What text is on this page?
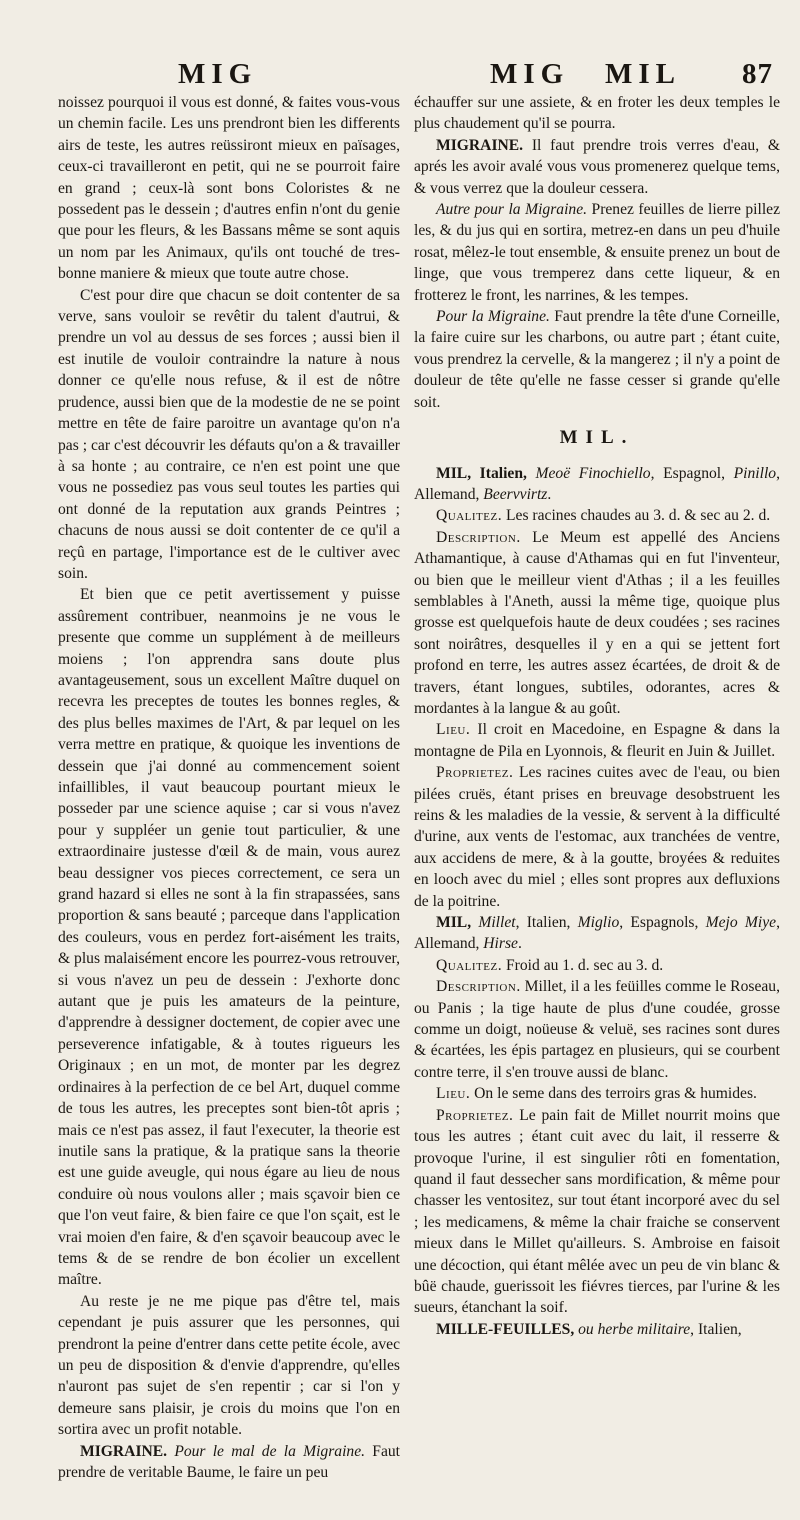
MIG	MIG MIL 87

noissez pourquoi il vous est donné, & faites vous-vous un chemin facile. Les uns prendront bien les differents airs de teste, les autres reüssiront mieux en païsages, ceux-ci travailleront en petit, qui ne se pourroit faire en grand ; ceux-là sont bons Coloristes & ne possedent pas le dessein ; d'autres enfin n'ont du genie que pour les fleurs, & les Bassans même se sont aquis un nom par les Animaux, qu'ils ont touché de tres-bonne maniere & mieux que toute autre chose.

C'est pour dire que chacun se doit contenter de sa verve, sans vouloir se revêtir du talent d'autrui, & prendre un vol au dessus de ses forces ; aussi bien il est inutile de vouloir contraindre la nature à nous donner ce qu'elle nous refuse, & il est de nôtre prudence, aussi bien que de la modestie de ne se point mettre en tête de faire paroitre un avantage qu'on n'a pas ; car c'est découvrir les défauts qu'on a & travailler à sa honte ; au contraire, ce n'en est point une que vous ne possediez pas vous seul toutes les parties qui ont donné de la reputation aux grands Peintres ; chacuns de nous aussi se doit contenter de ce qu'il a reçû en partage, l'importance est de le cultiver avec soin.

Et bien que ce petit avertissement y puisse assûrement contribuer, neanmoins je ne vous le presente que comme un supplément à de meilleurs moiens ; l'on apprendra sans doute plus avantageusement, sous un excellent Maître duquel on recevra les preceptes de toutes les bonnes regles, & des plus belles maximes de l'Art, & par lequel on les verra mettre en pratique, & quoique les inventions de dessein que j'ai donné au commencement soient infaillibles, il vaut beaucoup pourtant mieux le posseder par une science aquise ; car si vous n'avez pour y suppléer un genie tout particulier, & une extraordinaire justesse d'œil & de main, vous aurez beau dessigner vos pieces correctement, ce sera un grand hazard si elles ne sont à la fin strapassées, sans proportion & sans beauté ; parceque dans l'application des couleurs, vous en perdez fort-aisément les traits, & plus malaisément encore les pourrez-vous retrouver, si vous n'avez un peu de dessein : J'exhorte donc autant que je puis les amateurs de la peinture, d'apprendre à dessigner doctement, de copier avec une perseverence infatigable, & à toutes rigueurs les Originaux ; en un mot, de monter par les degrez ordinaires à la perfection de ce bel Art, duquel comme de tous les autres, les preceptes sont bien-tôt apris ; mais ce n'est pas assez, il faut l'executer, la theorie est inutile sans la pratique, & la pratique sans la theorie est une guide aveugle, qui nous égare au lieu de nous conduire où nous voulons aller ; mais sçavoir bien ce que l'on veut faire, & bien faire ce que l'on sçait, est le vrai moien d'en faire, & d'en sçavoir beaucoup avec le tems & de se rendre de bon écolier un excellent maître.

Au reste je ne me pique pas d'être tel, mais cependant je puis assurer que les personnes, qui prendront la peine d'entrer dans cette petite école, avec un peu de disposition & d'envie d'apprendre, qu'elles n'auront pas sujet de s'en repentir ; car si l'on y demeure sans plaisir, je crois du moins que l'on en sortira avec un profit notable.

MIGRAINE. Pour le mal de la Migraine. Faut prendre de veritable Baume, le faire un peu

échauffer sur une assiete, & en froter les deux temples le plus chaudement qu'il se pourra.

MIGRAINE. Il faut prendre trois verres d'eau, & aprés les avoir avalé vous vous promenerez quelque tems, & vous verrez que la douleur cessera.

Autre pour la Migraine. Prenez feuilles de lierre pillez les, & du jus qui en sortira, metrez-en dans un peu d'huile rosat, mêlez-le tout ensemble, & ensuite prenez un bout de linge, que vous tremperez dans cette liqueur, & en frotterez le front, les narrines, & les tempes.

Pour la Migraine. Faut prendre la tête d'une Corneille, la faire cuire sur les charbons, ou autre part ; étant cuite, vous prendrez la cervelle, & la mangerez ; il n'y a point de douleur de tête qu'elle ne fasse cesser si grande qu'elle soit.

MIL.

MIL, Italien, Meoë Finochiello, Espagnol, Pinillo, Allemand, Beervvirtz.

Qualitez. Les racines chaudes au 3. d. & sec au 2. d.

Description. Le Meum est appellé des Anciens Athamantique, à cause d'Athamas qui en fut l'inventeur, ou bien que le meilleur vient d'Athas ; il a les feuilles semblables à l'Aneth, aussi la même tige, quoique plus grosse est quelquefois haute de deux coudées ; ses racines sont noirâtres, desquelles il y en a qui se jettent fort profond en terre, les autres assez écartées, de droit & de travers, étant longues, subtiles, odorantes, acres & mordantes à la langue & au goût.

Lieu. Il croit en Macedoine, en Espagne & dans la montagne de Pila en Lyonnois, & fleurit en Juin & Juillet.

Proprietez. Les racines cuites avec de l'eau, ou bien pilées cruës, étant prises en breuvage desobstruent les reins & les maladies de la vessie, & servent à la difficulté d'urine, aux vents de l'estomac, aux tranchées de ventre, aux accidens de mere, & à la goutte, broyées & reduites en looch avec du miel ; elles sont propres aux defluxions de la poitrine.

MIL, Millet, Italien, Miglio, Espagnols, Mejo Miye, Allemand, Hirse.

Qualitez. Froid au 1. d. sec au 3. d.

Description. Millet, il a les feüilles comme le Roseau, ou Panis ; la tige haute de plus d'une coudée, grosse comme un doigt, noüeuse & veluë, ses racines sont dures & écartées, les épis partagez en plusieurs, qui se courbent contre terre, il s'en trouve aussi de blanc.

Lieu. On le seme dans des terroirs gras & humides.

Proprietez. Le pain fait de Millet nourrit moins que tous les autres ; étant cuit avec du lait, il resserre & provoque l'urine, il est singulier rôti en fomentation, quand il faut dessecher sans mordification, & même pour chasser les ventositez, sur tout étant incorporé avec du sel ; les medicamens, & même la chair fraiche se conservent mieux dans le Millet qu'ailleurs. S. Ambroise en faisoit une décoction, qui étant mêlée avec un peu de vin blanc & bûë chaude, guerissoit les fiévres tierces, par l'urine & les sueurs, étanchant la soif.

MILLE-FEUILLES, ou herbe militaire, Italien,
